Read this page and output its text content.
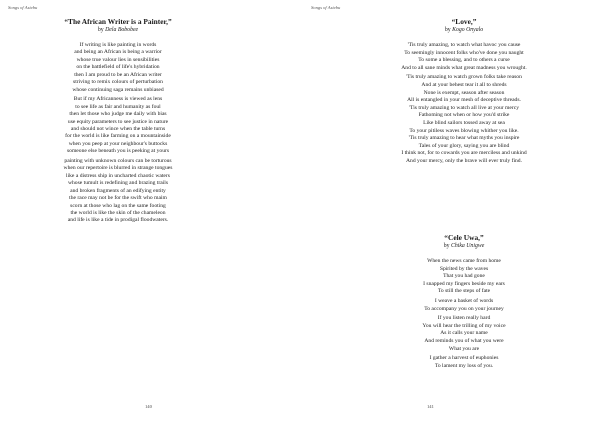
Songs of Asiebu

“The African Writer is a Painter,”

by Dela Bobobee

If writing is like painting in words
and being an African is being a warrior
whose true valour lies in sensibilities
on the battlefield of life's hybridation
then I am proud to be an African writer
striving to remix colours of perturbation
whose continuing saga remains unbiased
But if my Africanness is viewed as lens
to see life as fair and humanity as foul
then let those who judge me daily with bias
use equity parameters to see justice in nature
and should not wince when the table turns
for the world is like farming on a mountainside
when you peep at your neighbour's buttocks
someone else beneath you is peeking at yours
painting with unknown colours can be torturous
when our repertoire is blurred in strange tongues
like a distress ship in uncharted chaotic waters
whose tumult is redefining and brazing trails
and broken fragments of an edifying entity
the race may not be for the swift who maim
scorn at those who lag on the same footing
the world is like the skin of the chameleon
and life is like a tide in prodigal floodwaters.
140
Songs of Asiebu

“Love,”

by Kogo Onyalo

'Tis truly amazing, to watch what havoc you cause
To seemingly innocent folks who've done you naught
To some a blessing, and to others a curse
And to all sane minds what great madness you wrought.
'Tis truly amazing to watch grown folks take reason
And at your behest tear it all to shreds
None is exempt, season after season
All is entangled in your mesh of deceptive threads.
'Tis truly amazing to watch all live at your mercy
Fathoming not when or how you'd strike
Like blind sailors tossed away at sea
To your pitiless waves blowing whither you like.
'Tis truly amazing to hear what myths you inspire
Tales of your glory, saying you are blind
I think not, for to cowards you are merciless and unkind
And your mercy, only the brave will ever truly find.

“Cele Uwa,”

by Chika Unigwe

When the news came from home
Spirited by the waves
That you had gone
I snapped my fingers beside my ears
To still the steps of fate
I weave a basket of words
To accompany you on your journey
If you listen really hard
You will hear the trilling of my voice
As it calls your name
And reminds you of what you were
What you are
I gather a harvest of euphonies
To lament my loss of you.
141
